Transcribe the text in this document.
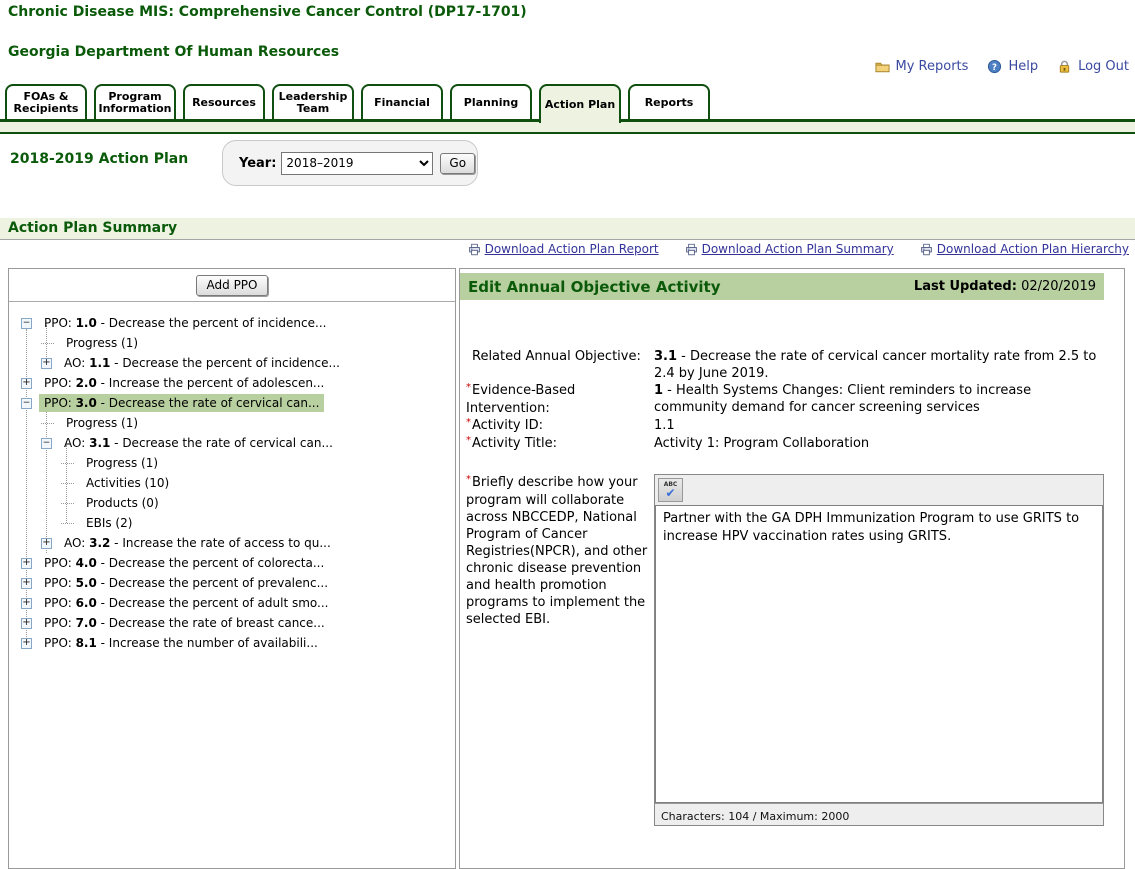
Chronic Disease MIS: Comprehensive Cancer Control (DP17-1701)
Georgia Department Of Human Resources
My Reports	? Help	Log Out
FOAs & Recipients
Program Information Resources Leadership Team	Financial	Planning Action Plan	Reports
2018-2019 Action Plan	Year:
2018–2019	Go
Action Plan Summary
Download Action Plan Report	Download Action Plan Summary	Download Action Plan Hierarchy
Add PPO
−
PPO: 1.0 - Decrease the percent of incidence...
Progress (1)
+
AO: 1.1 - Decrease the percent of incidence...
+
PPO: 2.0 - Increase the percent of adolescen...
−
PPO: 3.0 - Decrease the rate of cervical can...
Progress (1)
−
AO: 3.1 - Decrease the rate of cervical can...
Progress (1)
Activities (10)
Products (0)
EBIs (2)
+
AO: 3.2 - Increase the rate of access to qu...
+
PPO: 4.0 - Decrease the percent of colorecta...
+
PPO: 5.0 - Decrease the percent of prevalenc...
+
PPO: 6.0 - Decrease the percent of adult smo...
+
PPO: 7.0 - Decrease the rate of breast cance...
+
PPO: 8.1 - Increase the number of availabili...
Edit Annual Objective Activity	Last Updated: 02/20/2019
Related Annual Objective:	3.1 - Decrease the rate of cervical cancer mortality rate from 2.5 to 2.4 by June 2019.
*Evidence-Based Intervention:
1 - Health Systems Changes: Client reminders to increase community demand for cancer screening services
*Activity ID:	1.1
*Activity Title:	Activity 1: Program Collaboration
*Briefly describe how your program will collaborate across NBCCEDP, National Program of Cancer Registries(NPCR), and other chronic disease prevention and health promotion programs to implement the selected EBI.
ABC
✔
Partner with the GA DPH Immunization Program to use GRITS to increase HPV vaccination rates using GRITS.
Characters: 104 / Maximum: 2000
